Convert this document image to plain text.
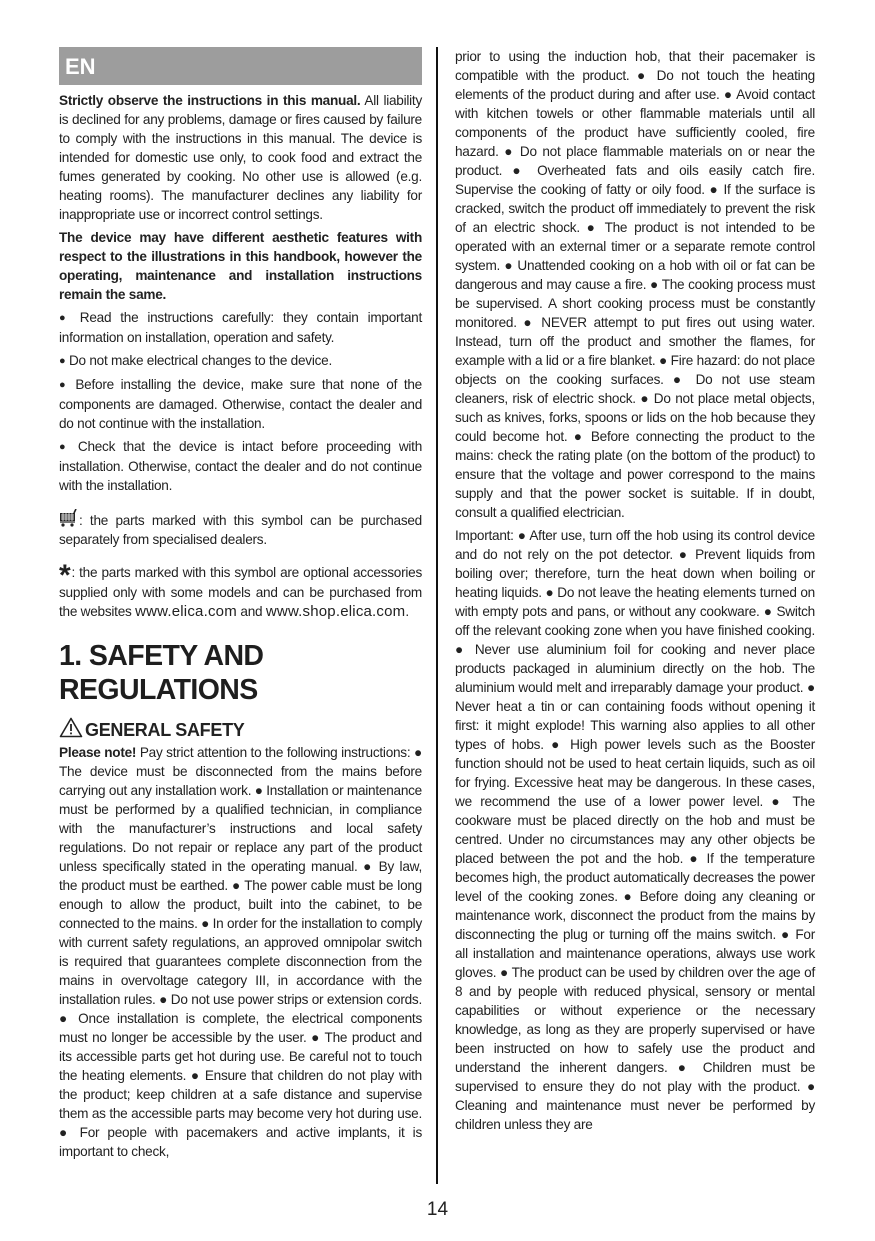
EN

Strictly observe the instructions in this manual. All liability is declined for any problems, damage or fires caused by failure to comply with the instructions in this manual. The device is intended for domestic use only, to cook food and extract the fumes generated by cooking. No other use is allowed (e.g. heating rooms). The manufacturer declines any liability for inappropriate use or incorrect control settings.

The device may have different aesthetic features with respect to the illustrations in this handbook, however the operating, maintenance and installation instructions remain the same.

● Read the instructions carefully: they contain important information on installation, operation and safety.

● Do not make electrical changes to the device.

● Before installing the device, make sure that none of the components are damaged. Otherwise, contact the dealer and do not continue with the installation.

● Check that the device is intact before proceeding with installation. Otherwise, contact the dealer and do not continue with the installation.

: the parts marked with this symbol can be purchased separately from specialised dealers.

*: the parts marked with this symbol are optional accessories supplied only with some models and can be purchased from the websites www.elica.com and www.shop.elica.com.

1. SAFETY AND REGULATIONS
GENERAL SAFETY

Please note! Pay strict attention to the following instructions: ● The device must be disconnected from the mains before carrying out any installation work. ● Installation or maintenance must be performed by a qualified technician, in compliance with the manufacturer’s instructions and local safety regulations. Do not repair or replace any part of the product unless specifically stated in the operating manual. ● By law, the product must be earthed. ● The power cable must be long enough to allow the product, built into the cabinet, to be connected to the mains. ● In order for the installation to comply with current safety regulations, an approved omnipolar switch is required that guarantees complete disconnection from the mains in overvoltage category III, in accordance with the installation rules. ● Do not use power strips or extension cords. ● Once installation is complete, the electrical components must no longer be accessible by the user. ● The product and its accessible parts get hot during use. Be careful not to touch the heating elements. ● Ensure that children do not play with the product; keep children at a safe distance and supervise them as the accessible parts may become very hot during use. ● For people with pacemakers and active implants, it is important to check,

prior to using the induction hob, that their pacemaker is compatible with the product. ● Do not touch the heating elements of the product during and after use. ● Avoid contact with kitchen towels or other flammable materials until all components of the product have sufficiently cooled, fire hazard. ● Do not place flammable materials on or near the product. ● Overheated fats and oils easily catch fire. Supervise the cooking of fatty or oily food. ● If the surface is cracked, switch the product off immediately to prevent the risk of an electric shock. ● The product is not intended to be operated with an external timer or a separate remote control system. ● Unattended cooking on a hob with oil or fat can be dangerous and may cause a fire. ● The cooking process must be supervised. A short cooking process must be constantly monitored. ● NEVER attempt to put fires out using water. Instead, turn off the product and smother the flames, for example with a lid or a fire blanket. ● Fire hazard: do not place objects on the cooking surfaces. ● Do not use steam cleaners, risk of electric shock. ● Do not place metal objects, such as knives, forks, spoons or lids on the hob because they could become hot. ● Before connecting the product to the mains: check the rating plate (on the bottom of the product) to ensure that the voltage and power correspond to the mains supply and that the power socket is suitable. If in doubt, consult a qualified electrician.

Important: ● After use, turn off the hob using its control device and do not rely on the pot detector. ● Prevent liquids from boiling over; therefore, turn the heat down when boiling or heating liquids. ● Do not leave the heating elements turned on with empty pots and pans, or without any cookware. ● Switch off the relevant cooking zone when you have finished cooking. ● Never use aluminium foil for cooking and never place products packaged in aluminium directly on the hob. The aluminium would melt and irreparably damage your product. ● Never heat a tin or can containing foods without opening it first: it might explode! This warning also applies to all other types of hobs. ● High power levels such as the Booster function should not be used to heat certain liquids, such as oil for frying. Excessive heat may be dangerous. In these cases, we recommend the use of a lower power level. ● The cookware must be placed directly on the hob and must be centred. Under no circumstances may any other objects be placed between the pot and the hob. ● If the temperature becomes high, the product automatically decreases the power level of the cooking zones. ● Before doing any cleaning or maintenance work, disconnect the product from the mains by disconnecting the plug or turning off the mains switch. ● For all installation and maintenance operations, always use work gloves. ● The product can be used by children over the age of 8 and by people with reduced physical, sensory or mental capabilities or without experience or the necessary knowledge, as long as they are properly supervised or have been instructed on how to safely use the product and understand the inherent dangers. ● Children must be supervised to ensure they do not play with the product. ● Cleaning and maintenance must never be performed by children unless they are

14
